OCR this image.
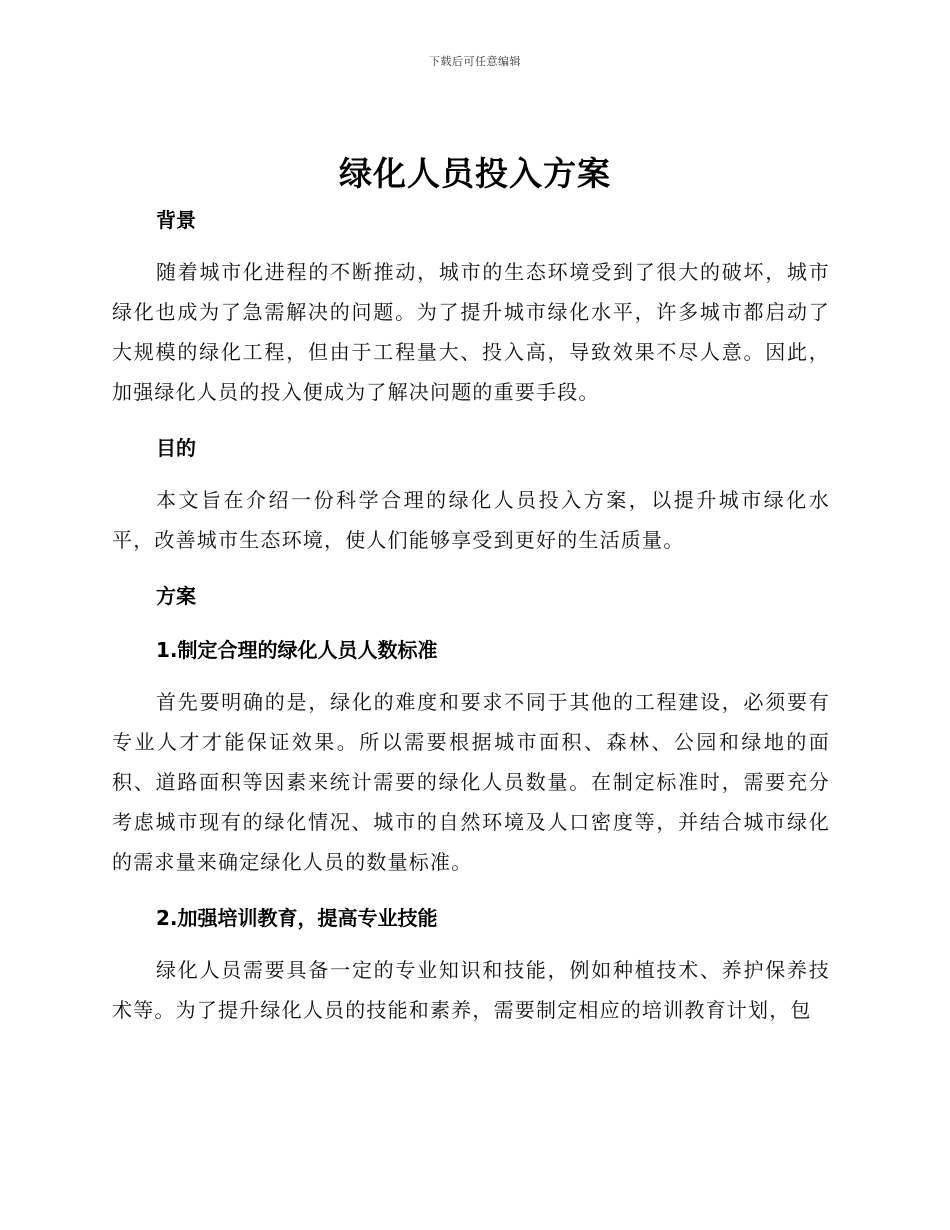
下载后可任意编辑
绿化人员投入方案
背景

随着城市化进程的不断推动，城市的生态环境受到了很大的破坏，城市绿化也成为了急需解决的问题。为了提升城市绿化水平，许多城市都启动了大规模的绿化工程，但由于工程量大、投入高，导致效果不尽人意。因此，加强绿化人员的投入便成为了解决问题的重要手段。

目的

本文旨在介绍一份科学合理的绿化人员投入方案，以提升城市绿化水平，改善城市生态环境，使人们能够享受到更好的生活质量。

方案
1.制定合理的绿化人员人数标准

首先要明确的是，绿化的难度和要求不同于其他的工程建设，必须要有专业人才才能保证效果。所以需要根据城市面积、森林、公园和绿地的面积、道路面积等因素来统计需要的绿化人员数量。在制定标准时，需要充分考虑城市现有的绿化情况、城市的自然环境及人口密度等，并结合城市绿化的需求量来确定绿化人员的数量标准。

2.加强培训教育，提高专业技能

绿化人员需要具备一定的专业知识和技能，例如种植技术、养护保养技术等。为了提升绿化人员的技能和素养，需要制定相应的培训教育计划，包
